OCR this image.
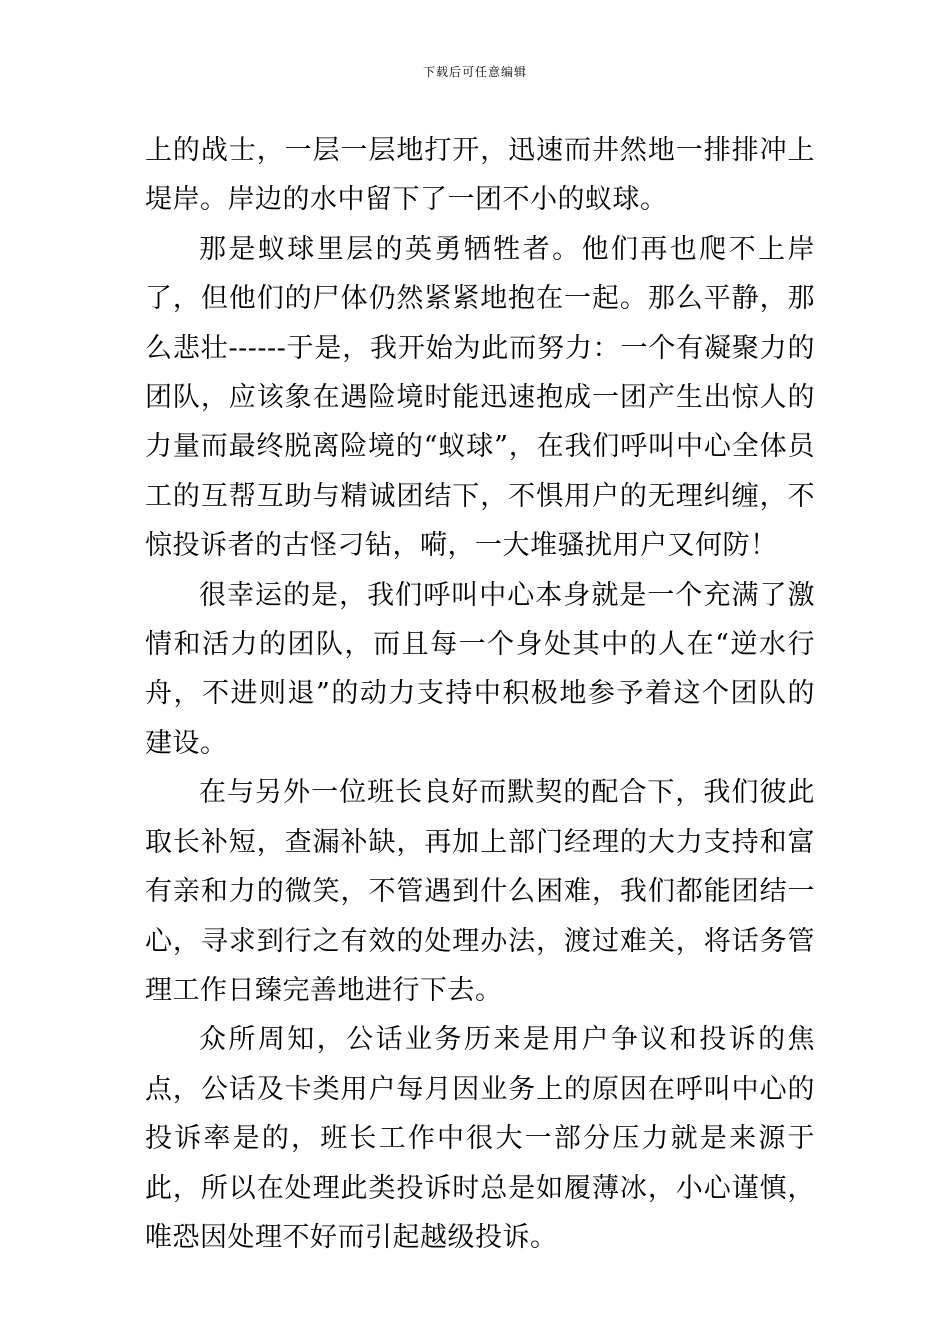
下载后可任意编辑

上的战士，一层一层地打开，迅速而井然地一排排冲上堤岸。岸边的水中留下了一团不小的蚁球。

那是蚁球里层的英勇牺牲者。他们再也爬不上岸了，但他们的尸体仍然紧紧地抱在一起。那么平静，那么悲壮------于是，我开始为此而努力：一个有凝聚力的团队，应该象在遇险境时能迅速抱成一团产生出惊人的力量而最终脱离险境的“蚁球”，在我们呼叫中心全体员工的互帮互助与精诚团结下，不惧用户的无理纠缠，不惊投诉者的古怪刁钻，嗬，一大堆骚扰用户又何防！

很幸运的是，我们呼叫中心本身就是一个充满了激情和活力的团队，而且每一个身处其中的人在“逆水行舟，不进则退”的动力支持中积极地参予着这个团队的建设。

在与另外一位班长良好而默契的配合下，我们彼此取长补短，查漏补缺，再加上部门经理的大力支持和富有亲和力的微笑，不管遇到什么困难，我们都能团结一心，寻求到行之有效的处理办法，渡过难关，将话务管理工作日臻完善地进行下去。

众所周知，公话业务历来是用户争议和投诉的焦点，公话及卡类用户每月因业务上的原因在呼叫中心的投诉率是的，班长工作中很大一部分压力就是来源于此，所以在处理此类投诉时总是如履薄冰，小心谨慎，唯恐因处理不好而引起越级投诉。
